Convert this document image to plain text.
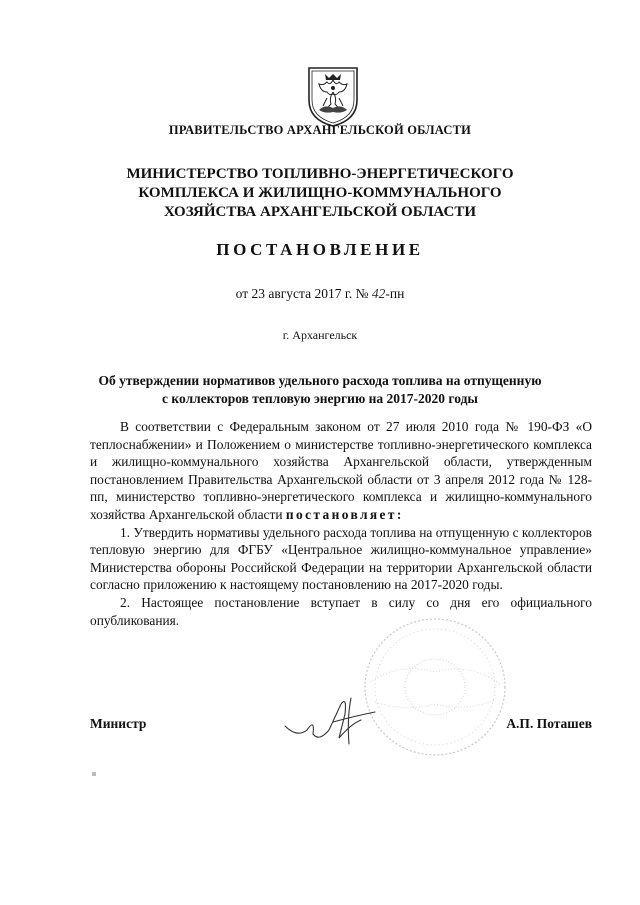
ПРАВИТЕЛЬСТВО АРХАНГЕЛЬСКОЙ ОБЛАСТИ
МИНИСТЕРСТВО ТОПЛИВНО-ЭНЕРГЕТИЧЕСКОГО
КОМПЛЕКСА И ЖИЛИЩНО-КОММУНАЛЬНОГО
ХОЗЯЙСТВА АРХАНГЕЛЬСКОЙ ОБЛАСТИ
ПОСТАНОВЛЕНИЕ
от 23 августа 2017 г. № 42-пн
г. Архангельск
Об утверждении нормативов удельного расхода топлива на отпущенную
с коллекторов тепловую энергию на 2017-2020 годы

В соответствии с Федеральным законом от 27 июля 2010 года № 190-ФЗ «О теплоснабжении» и Положением о министерстве топливно-энергетического комплекса и жилищно-коммунального хозяйства Архангельской области, утвержденным постановлением Правительства Архангельской области от 3 апреля 2012 года № 128-пп, министерство топливно-энергетического комплекса и жилищно-коммунального хозяйства Архангельской области постановляет:

1. Утвердить нормативы удельного расхода топлива на отпущенную с коллекторов тепловую энергию для ФГБУ «Центральное жилищно-коммунальное управление» Министерства обороны Российской Федерации на территории Архангельской области согласно приложению к настоящему постановлению на 2017-2020 годы.

2. Настоящее постановление вступает в силу со дня его официального опубликования.

Министр	А.П. Поташев
